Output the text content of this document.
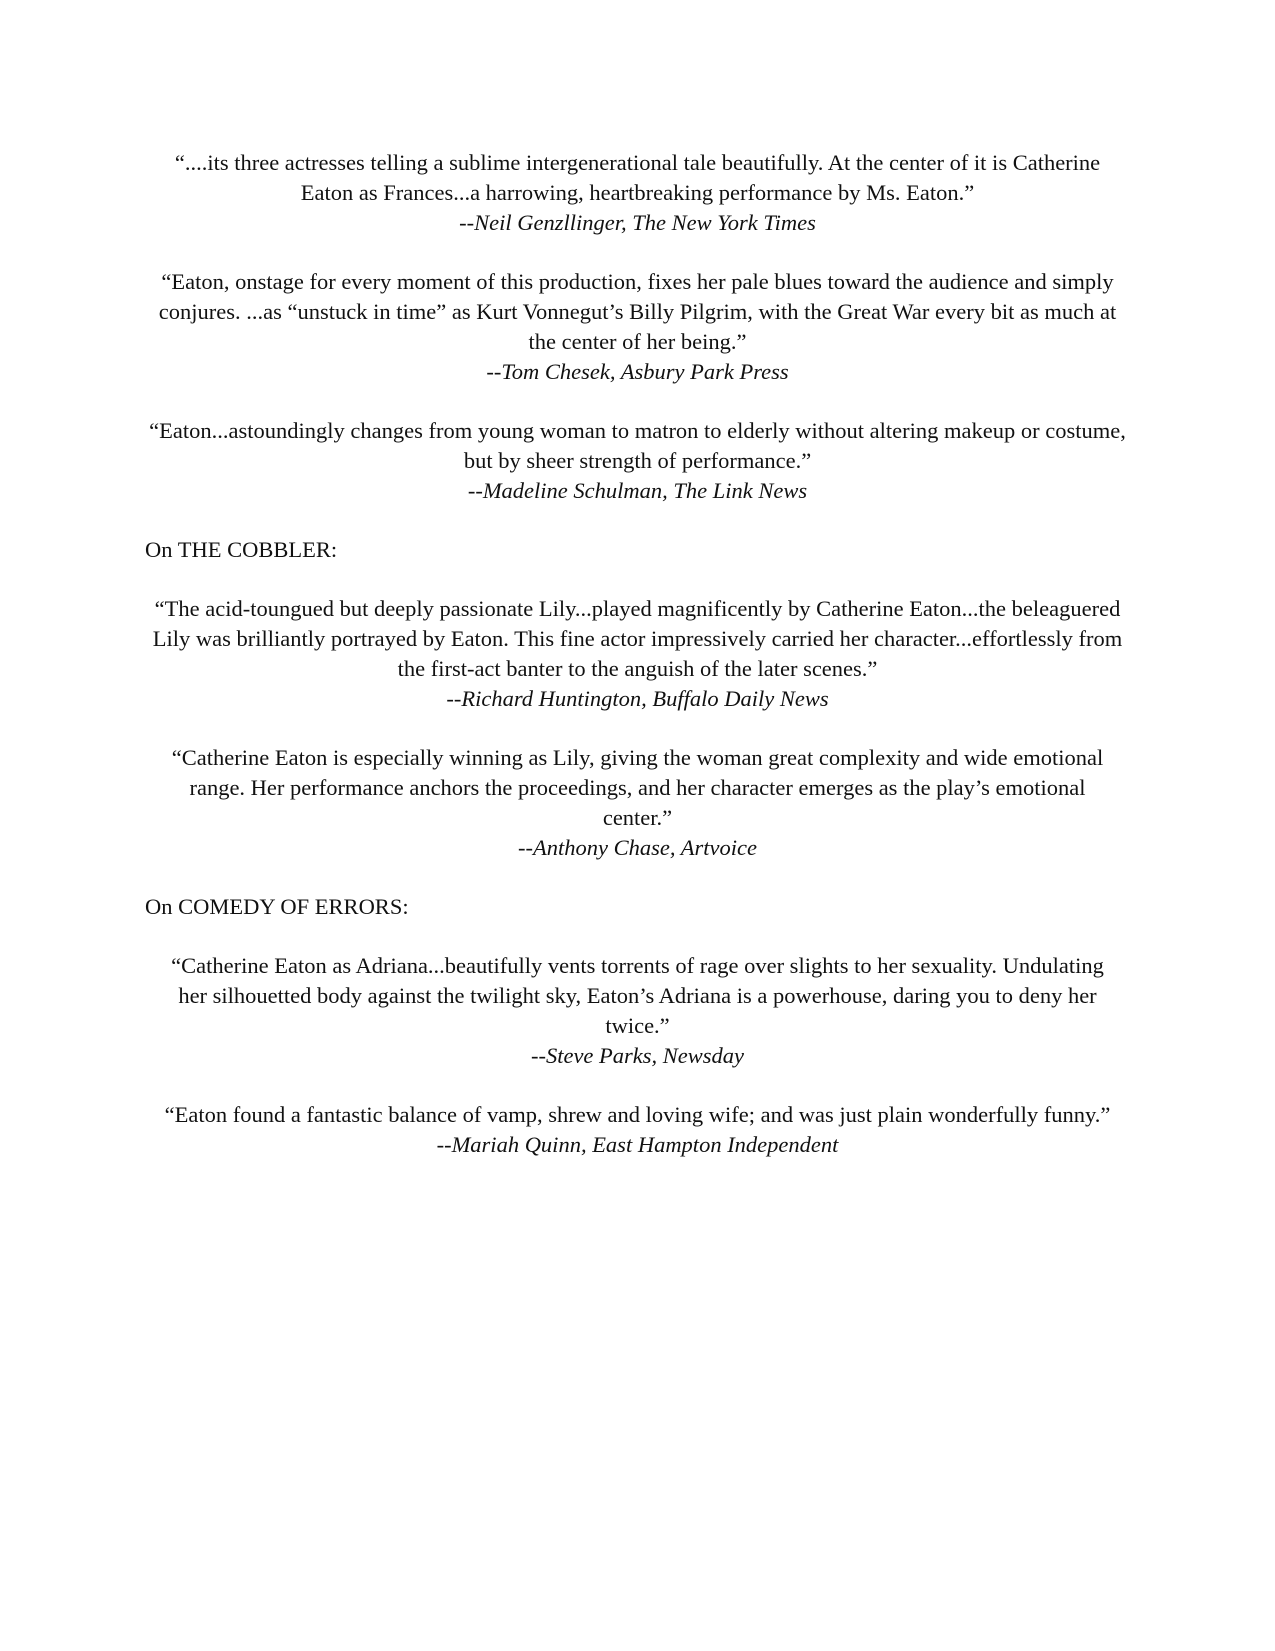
“....its three actresses telling a sublime intergenerational tale beautifully. At the center of it is Catherine Eaton as Frances...a harrowing, heartbreaking performance by Ms. Eaton.”
--Neil Genzllinger, The New York Times
“Eaton, onstage for every moment of this production, fixes her pale blues toward the audience and simply conjures. ...as “unstuck in time” as Kurt Vonnegut’s Billy Pilgrim, with the Great War every bit as much at the center of her being.”
--Tom Chesek, Asbury Park Press
“Eaton...astoundingly changes from young woman to matron to elderly without altering makeup or costume, but by sheer strength of performance.”
--Madeline Schulman, The Link News
On THE COBBLER:
“The acid-toungued but deeply passionate Lily...played magnificently by Catherine Eaton...the beleaguered Lily was brilliantly portrayed by Eaton. This fine actor impressively carried her character...effortlessly from the first-act banter to the anguish of the later scenes.”
--Richard Huntington, Buffalo Daily News
“Catherine Eaton is especially winning as Lily, giving the woman great complexity and wide emotional range. Her performance anchors the proceedings, and her character emerges as the play’s emotional center.”
--Anthony Chase, Artvoice
On COMEDY OF ERRORS:
“Catherine Eaton as Adriana...beautifully vents torrents of rage over slights to her sexuality. Undulating her silhouetted body against the twilight sky, Eaton’s Adriana is a powerhouse, daring you to deny her twice.”
--Steve Parks, Newsday
“Eaton found a fantastic balance of vamp, shrew and loving wife; and was just plain wonderfully funny.”
--Mariah Quinn, East Hampton Independent
